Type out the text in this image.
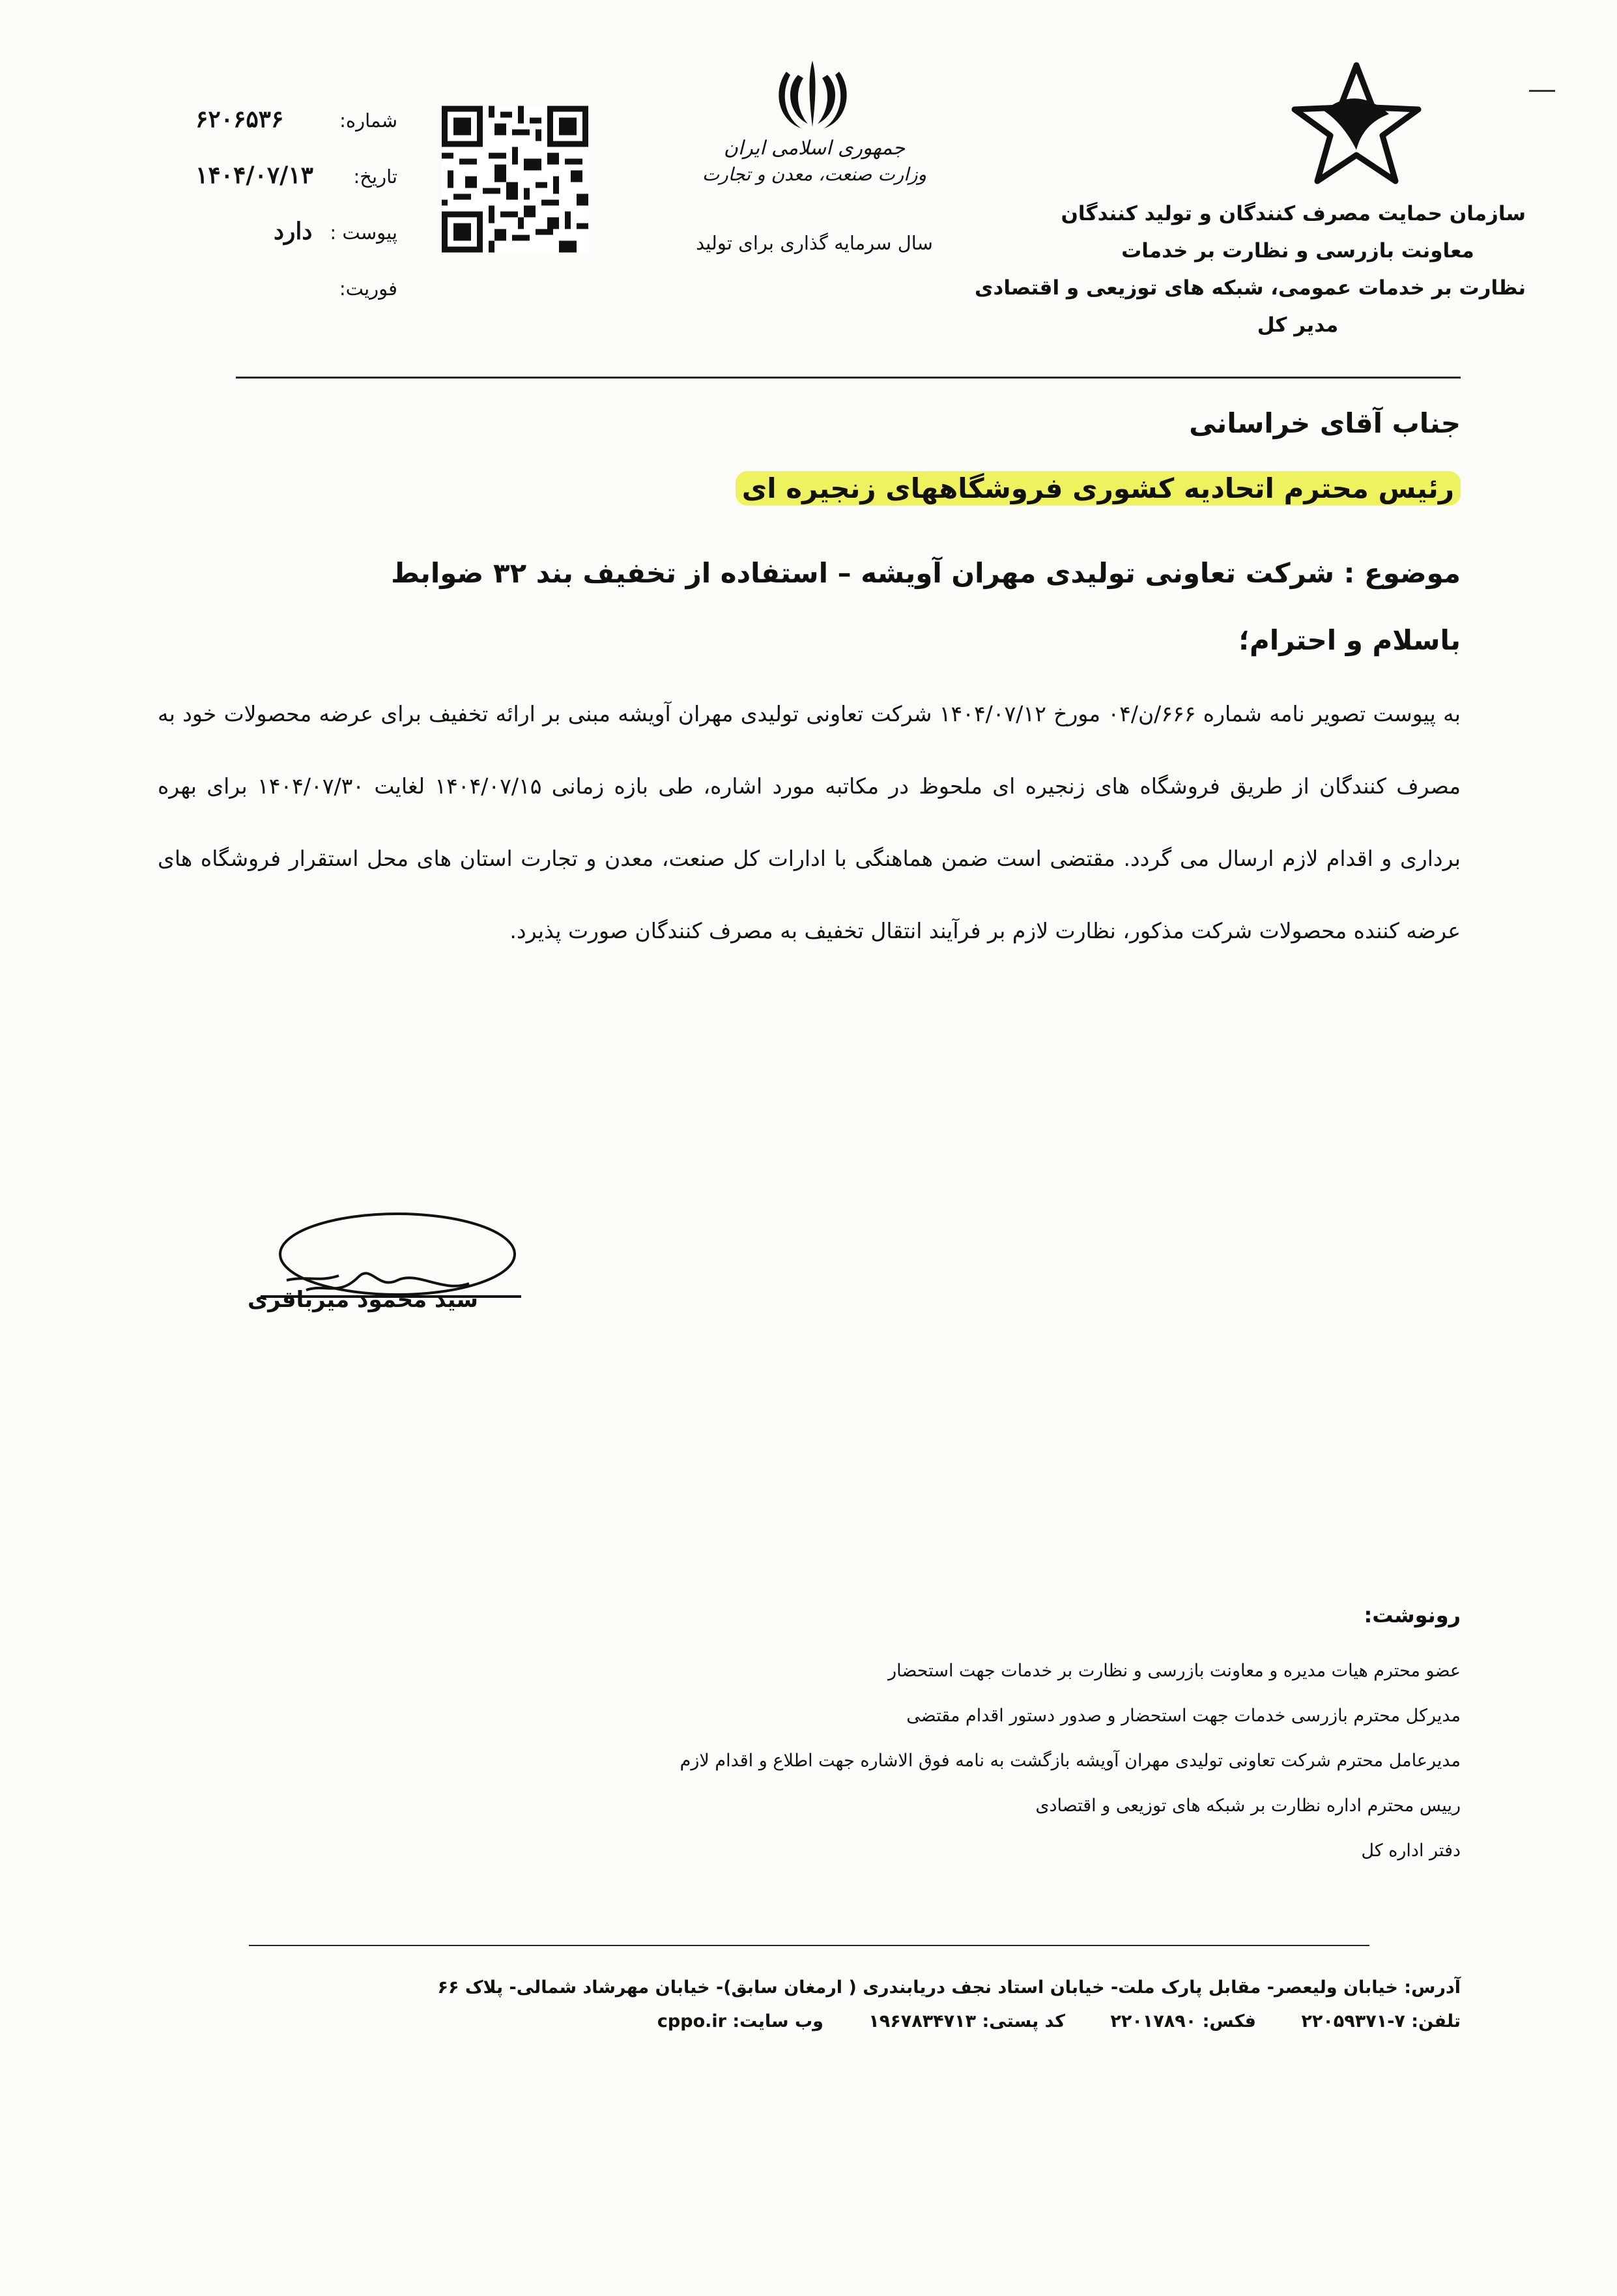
سازمان حمایت مصرف کنندگان و تولید کنندگان
معاونت بازرسی و نظارت بر خدمات
نظارت بر خدمات عمومی، شبکه های توزیعی و اقتصادی
مدیر کل
جمهوری اسلامی ایران
وزارت صنعت، معدن و تجارت
سال سرمایه گذاری برای تولید
شماره:
۶۲۰۶۵۳۶
تاریخ:
۱۴۰۴/۰۷/۱۳
پیوست :
دارد
فوریت:
جناب آقای خراسانی
رئیس محترم اتحادیه کشوری فروشگاههای زنجیره ای
موضوع : شرکت تعاونی تولیدی مهران آویشه – استفاده از تخفیف بند ۳۲ ضوابط
باسلام و احترام؛
به پیوست تصویر نامه شماره ۶۶۶/ن/۰۴ مورخ ۱۴۰۴/۰۷/۱۲ شرکت تعاونی تولیدی مهران آویشه مبنی بر ارائه تخفیف برای عرضه محصولات خود به مصرف کنندگان از طریق فروشگاه های زنجیره ای ملحوظ در مکاتبه مورد اشاره، طی بازه زمانی ۱۴۰۴/۰۷/۱۵ لغایت ۱۴۰۴/۰۷/۳۰ برای بهره برداری و اقدام لازم ارسال می گردد. مقتضی است ضمن هماهنگی با ادارات کل صنعت، معدن و تجارت استان های محل استقرار فروشگاه های عرضه کننده محصولات شرکت مذکور، نظارت لازم بر فرآیند انتقال تخفیف به مصرف کنندگان صورت پذیرد.
سید محمود میرباقری
رونوشت:
عضو محترم هیات مدیره و معاونت بازرسی و نظارت بر خدمات جهت استحضار
مدیرکل محترم بازرسی خدمات جهت استحضار و صدور دستور اقدام مقتضی
مدیرعامل محترم شرکت تعاونی تولیدی مهران آویشه بازگشت به نامه فوق الاشاره جهت اطلاع و اقدام لازم
رییس محترم اداره نظارت بر شبکه های توزیعی و اقتصادی
دفتر اداره کل
آدرس: خیابان ولیعصر- مقابل پارک ملت- خیابان استاد نجف دریابندری ( ارمغان سابق)- خیابان مهرشاد شمالی- پلاک ۶۶
تلفن: ۷-۲۲۰۵۹۳۷۱ فکس: ۲۲۰۱۷۸۹۰ کد پستی: ۱۹۶۷۸۳۴۷۱۳ وب سایت: cppo.ir
